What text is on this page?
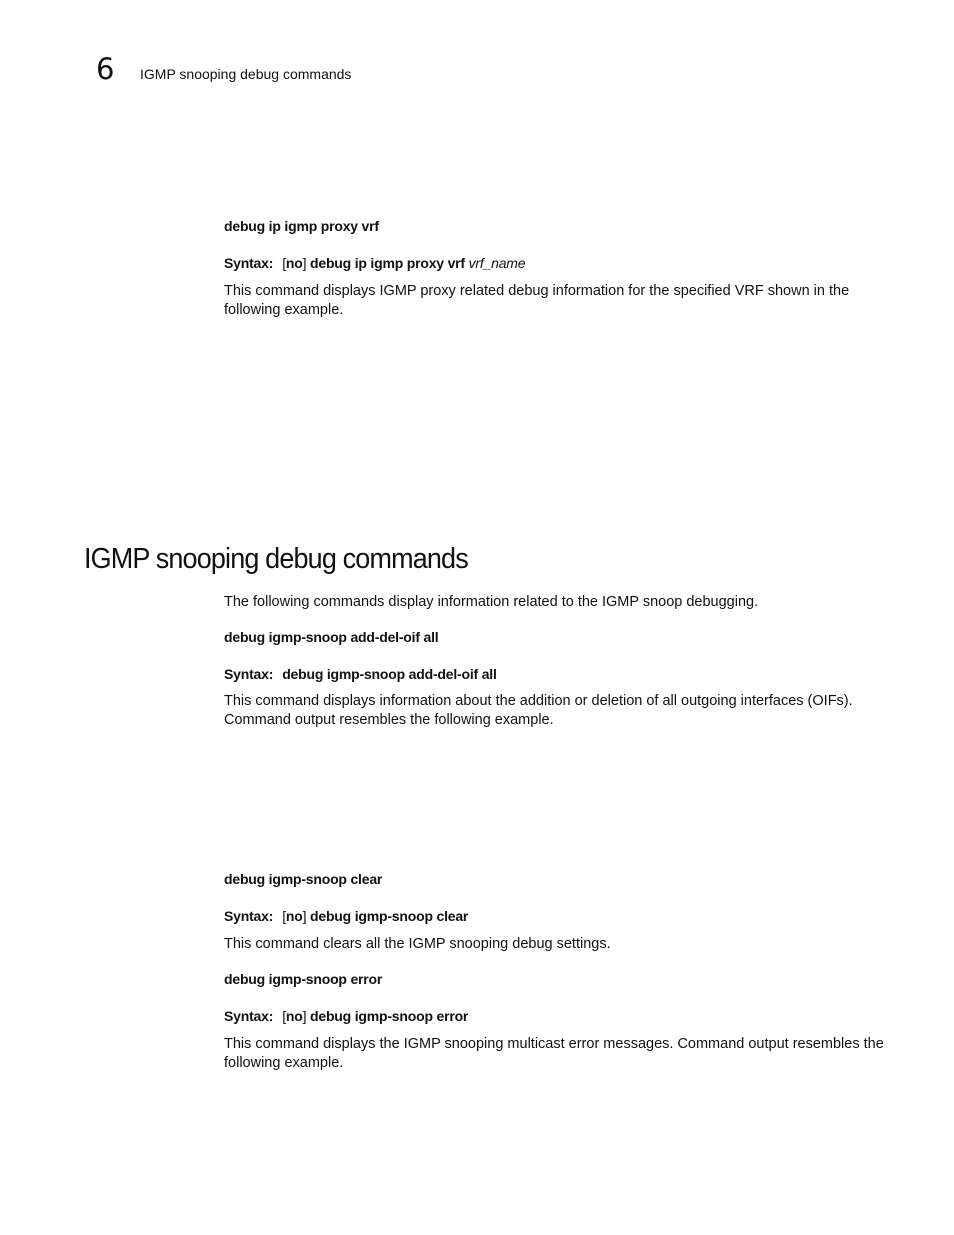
6 IGMP snooping debug commands
debug ip igmp proxy vrf
Syntax: [no] debug ip igmp proxy vrf vrf_name
This command displays IGMP proxy related debug information for the specified VRF shown in the following example.
IGMP snooping debug commands
The following commands display information related to the IGMP snoop debugging.
debug igmp-snoop add-del-oif all
Syntax: debug igmp-snoop add-del-oif all
This command displays information about the addition or deletion of all outgoing interfaces (OIFs). Command output resembles the following example.
debug igmp-snoop clear
Syntax: [no] debug igmp-snoop clear
This command clears all the IGMP snooping debug settings.
debug igmp-snoop error
Syntax: [no] debug igmp-snoop error
This command displays the IGMP snooping multicast error messages. Command output resembles the following example.
